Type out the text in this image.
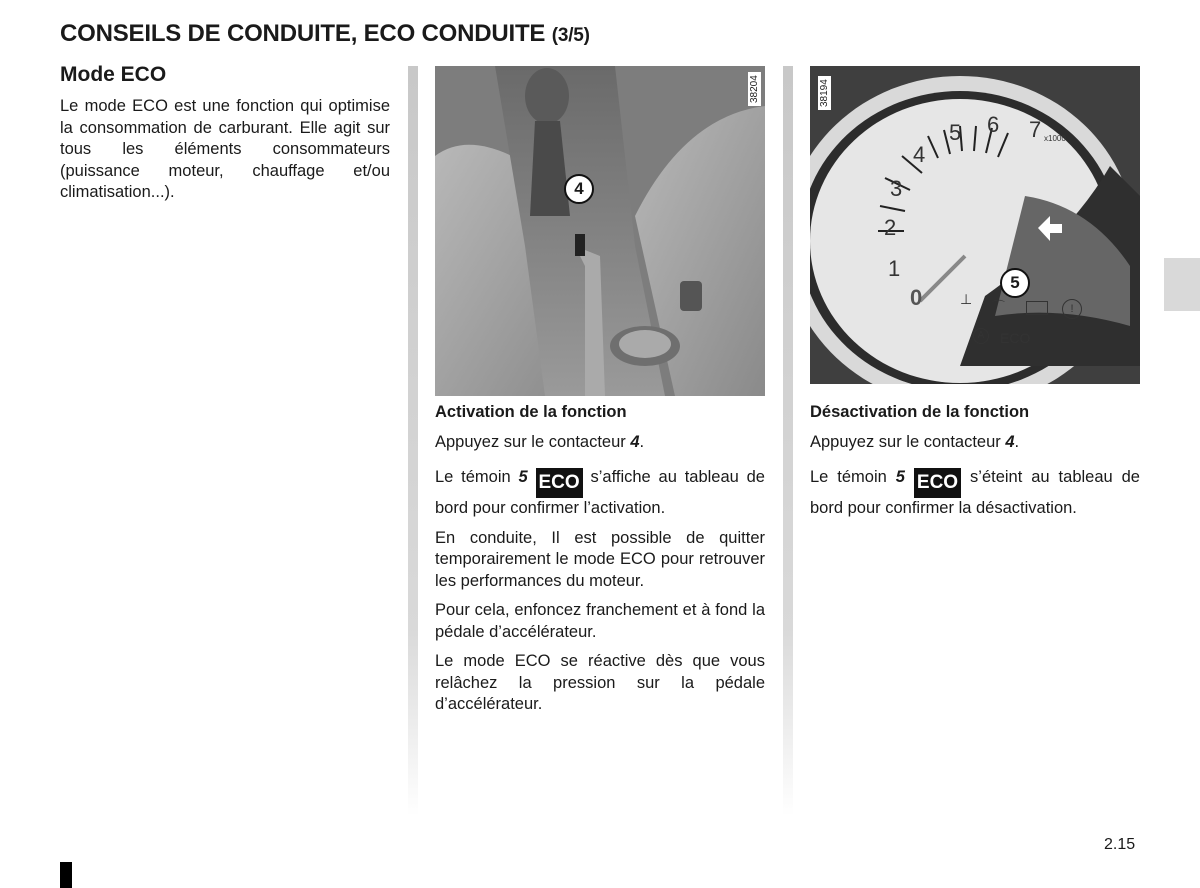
CONSEILS DE CONDUITE, ECO CONDUITE (3/5)
Mode ECO
Le mode ECO est une fonction qui optimise la consommation de carburant. Elle agit sur tous les éléments consommateurs (puissance moteur, chauffage et/ou climatisation...).
38204
4
0
1
2
3
4
5 6 7 x1000
ECO
A
⊥ ⌒	!
38194
5
Activation de la fonction

Appuyez sur le contacteur 4.

Le témoin 5 ECO s’affiche au tableau de bord pour confirmer l’activation.

En conduite, Il est possible de quitter temporairement le mode ECO pour retrouver les performances du moteur.

Pour cela, enfoncez franchement et à fond la pédale d’accélérateur.

Le mode ECO se réactive dès que vous relâchez la pression sur la pédale d’accélérateur.

Désactivation de la fonction

Appuyez sur le contacteur 4.

Le témoin 5 ECO s’éteint au tableau de bord pour confirmer la désactivation.

2.15
